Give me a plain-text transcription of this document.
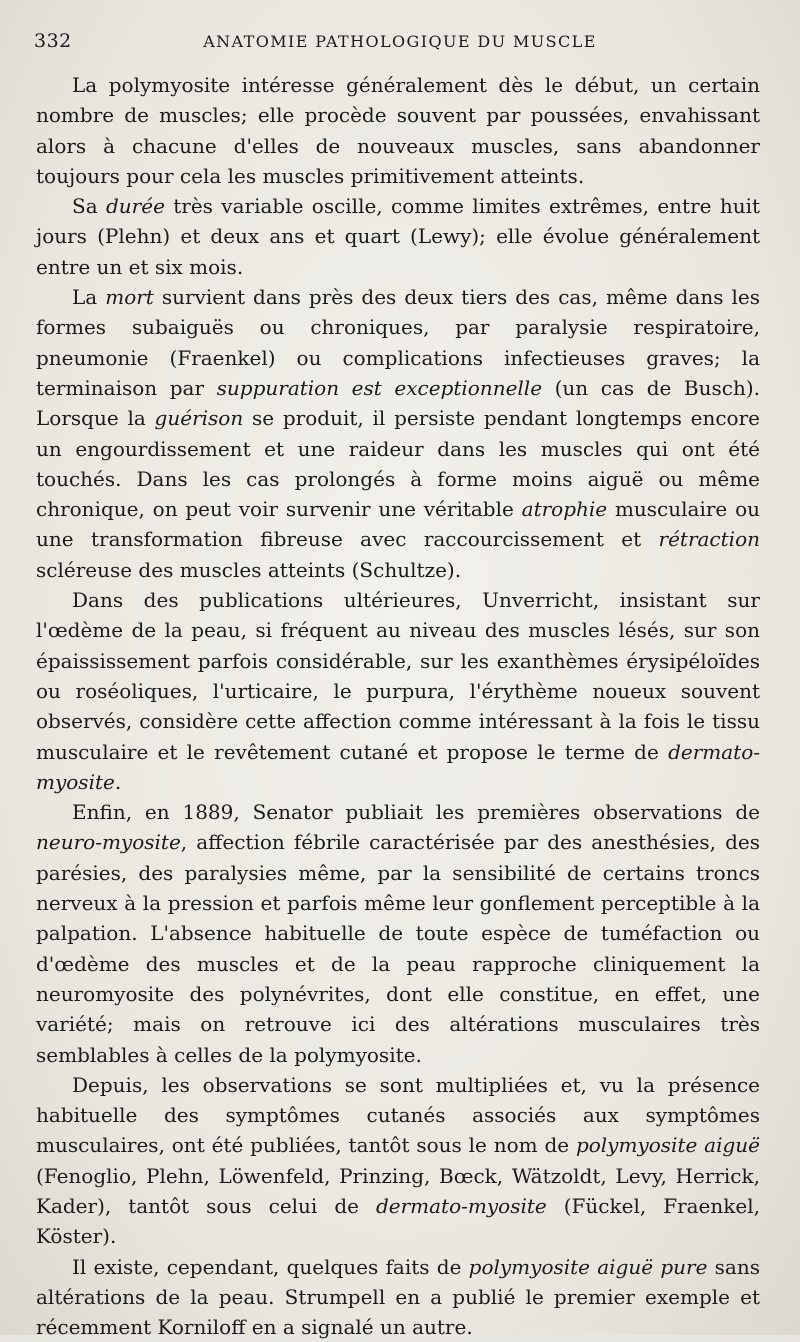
332	ANATOMIE PATHOLOGIQUE DU MUSCLE

La polymyosite intéresse généralement dès le début, un certain nombre de muscles; elle procède souvent par poussées, envahissant alors à chacune d'elles de nouveaux muscles, sans abandonner toujours pour cela les muscles primitivement atteints.

Sa durée très variable oscille, comme limites extrêmes, entre huit jours (Plehn) et deux ans et quart (Lewy); elle évolue généralement entre un et six mois.

La mort survient dans près des deux tiers des cas, même dans les formes subaiguës ou chroniques, par paralysie respiratoire, pneumonie (Fraenkel) ou complications infectieuses graves; la terminaison par suppuration est exceptionnelle (un cas de Busch). Lorsque la guérison se produit, il persiste pendant longtemps encore un engourdissement et une raideur dans les muscles qui ont été touchés. Dans les cas prolongés à forme moins aiguë ou même chronique, on peut voir survenir une véritable atrophie musculaire ou une transformation fibreuse avec raccourcissement et rétraction scléreuse des muscles atteints (Schultze).

Dans des publications ultérieures, Unverricht, insistant sur l'œdème de la peau, si fréquent au niveau des muscles lésés, sur son épaississement parfois considérable, sur les exanthèmes érysipéloïdes ou roséoliques, l'urticaire, le purpura, l'érythème noueux souvent observés, considère cette affection comme intéressant à la fois le tissu musculaire et le revêtement cutané et propose le terme de dermato-myosite.

Enfin, en 1889, Senator publiait les premières observations de neuro-myosite, affection fébrile caractérisée par des anesthésies, des parésies, des paralysies même, par la sensibilité de certains troncs nerveux à la pression et parfois même leur gonflement perceptible à la palpation. L'absence habituelle de toute espèce de tuméfaction ou d'œdème des muscles et de la peau rapproche cliniquement la neuromyosite des polynévrites, dont elle constitue, en effet, une variété; mais on retrouve ici des altérations musculaires très semblables à celles de la polymyosite.

Depuis, les observations se sont multipliées et, vu la présence habituelle des symptômes cutanés associés aux symptômes musculaires, ont été publiées, tantôt sous le nom de polymyosite aiguë (Fenoglio, Plehn, Löwenfeld, Prinzing, Bœck, Wätzoldt, Levy, Herrick, Kader), tantôt sous celui de dermato-myosite (Fückel, Fraenkel, Köster).

Il existe, cependant, quelques faits de polymyosite aiguë pure sans altérations de la peau. Strumpell en a publié le premier exemple et récemment Korniloff en a signalé un autre.
